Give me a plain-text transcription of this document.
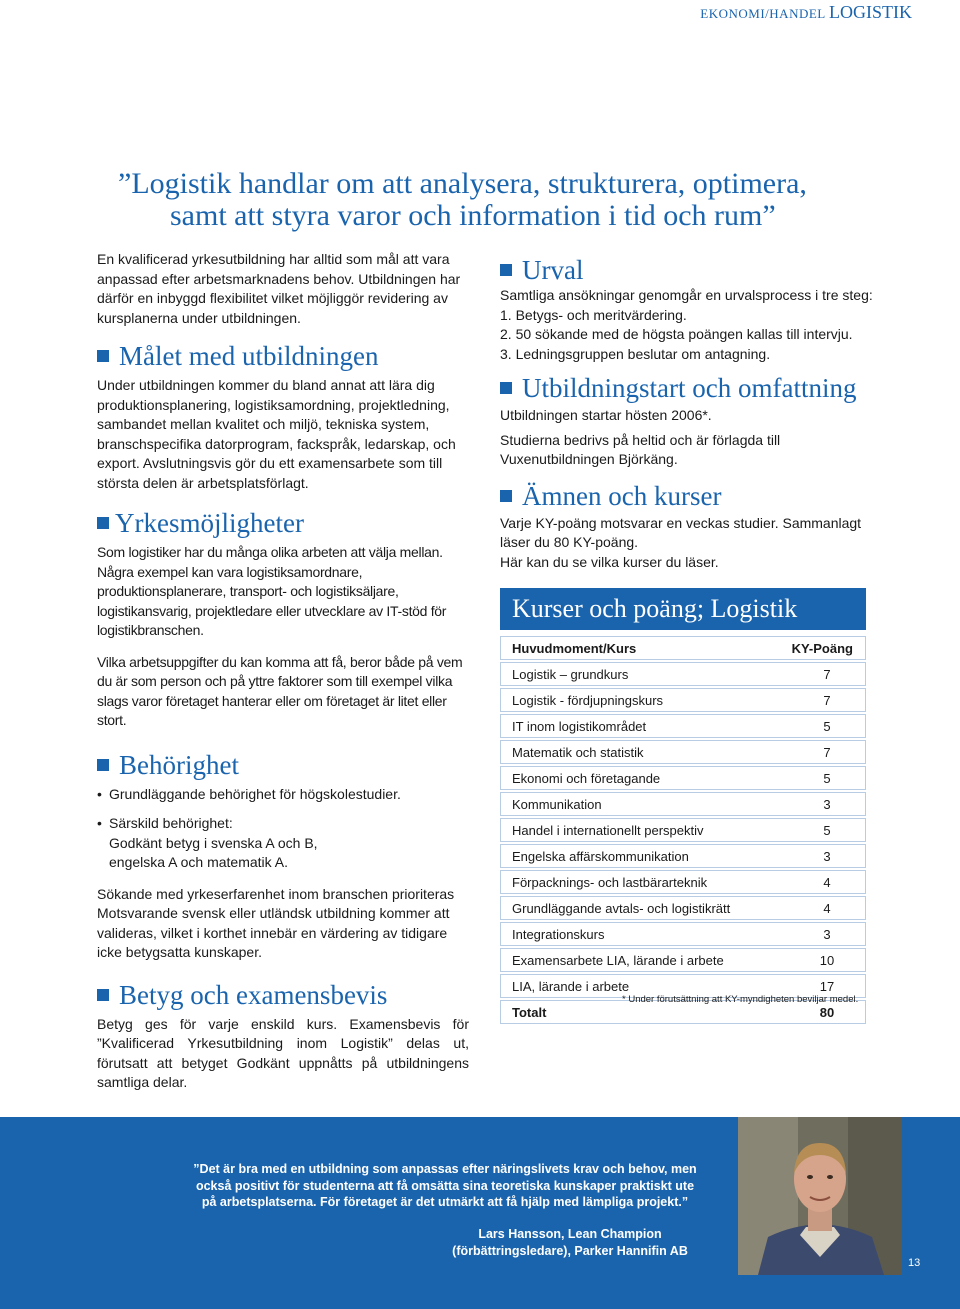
EKONOMI/HANDEL LOGISTIK
”Logistik handlar om att analysera, strukturera, optimera,
samt att styra varor och information i tid och rum”

En kvalificerad yrkesutbildning har alltid som mål att vara anpassad efter arbetsmarknadens behov. Utbildningen har därför en inbyggd flexibilitet vilket möjliggör revidering av kursplanerna under utbildningen.

Målet med utbildningen

Under utbildningen kommer du bland annat att lära dig produktionsplanering, logistiksamordning, projektledning, sambandet mellan kvalitet och miljö, tekniska system, branschspecifika datorprogram, fackspråk, ledarskap, och export. Avslutningsvis gör du ett examensarbete som till största delen är arbetsplatsförlagt.

Yrkesmöjligheter

Som logistiker har du många olika arbeten att välja mellan. Några exempel kan vara logistiksamordnare, produktionsplanerare, transport- och logistiksäljare, logistikansvarig, projektledare eller utvecklare av IT-stöd för logistikbranschen.

Vilka arbetsuppgifter du kan komma att få, beror både på vem du är som person och på yttre faktorer som till exempel vilka slags varor företaget hanterar eller om företaget är litet eller stort.

Behörighet
• Grundläggande behörighet för högskolestudier.
• Särskild behörighet:
Godkänt betyg i svenska A och B,
engelska A och matematik A.

Sökande med yrkeserfarenhet inom branschen prioriteras Motsvarande svensk eller utländsk utbildning kommer att valideras, vilket i korthet innebär en värdering av tidigare icke betygsatta kunskaper.

Betyg och examensbevis

Betyg ges för varje enskild kurs. Examensbevis för ”Kvalificerad Yrkesutbildning inom Logistik” delas ut, förutsatt att betyget Godkänt uppnåtts på utbildningens samtliga delar.

Urval

Samtliga ansökningar genomgår en urvalsprocess i tre steg:

1. Betygs- och meritvärdering.
2. 50 sökande med de högsta poängen kallas till intervju.
3. Ledningsgruppen beslutar om antagning.
Utbildningstart och omfattning

Utbildningen startar hösten 2006*.

Studierna bedrivs på heltid och är förlagda till Vuxenutbildningen Björkäng.

Ämnen och kurser

Varje KY-poäng motsvarar en veckas studier. Sammanlagt läser du 80 KY-poäng.

Här kan du se vilka kurser du läser.

Kurser och poäng; Logistik
Huvudmoment/Kurs	KY-Poäng
Logistik – grundkurs	7
Logistik - fördjupningskurs	7
IT inom logistikområdet	5
Matematik och statistik	7
Ekonomi och företagande	5
Kommunikation	3
Handel i internationellt perspektiv	5
Engelska affärskommunikation	3
Förpacknings- och lastbärarteknik	4
Grundläggande avtals- och logistikrätt	4
Integrationskurs	3
Examensarbete LIA, lärande i arbete	10
LIA, lärande i arbete	17
Totalt	80
* Under förutsättning att KY-myndigheten beviljar medel.
”Det är bra med en utbildning som anpassas efter näringslivets krav och behov, men också positivt för studenterna att få omsätta sina teoretiska kunskaper praktiskt ute på arbetsplatserna. För företaget är det utmärkt att få hjälp med lämpliga projekt.”
Lars Hansson, Lean Champion
(förbättringsledare), Parker Hannifin AB
13
